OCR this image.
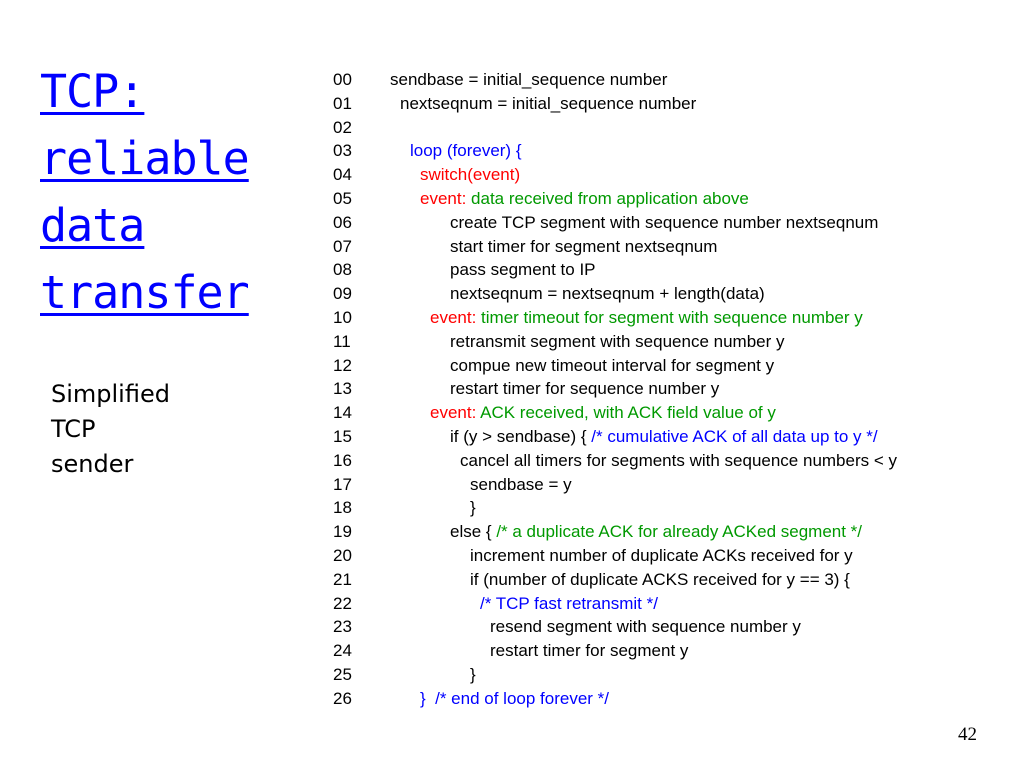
TCP:
reliable
data
transfer
Simplified
TCP
sender
00 sendbase = initial_sequence number
01	nextseqnum = initial_sequence number
02
03	loop (forever) {
04	switch(event)
05	event: data received from application above
06	create TCP segment with sequence number nextseqnum
07	start timer for segment nextseqnum
08	pass segment to IP
09	nextseqnum = nextseqnum + length(data)
10	event: timer timeout for segment with sequence number y
11	retransmit segment with sequence number y
12	compue new timeout interval for segment y
13	restart timer for sequence number y
14	event: ACK received, with ACK field value of y
15	if (y > sendbase) { /* cumulative ACK of all data up to y */
16	cancel all timers for segments with sequence numbers < y
17	sendbase = y
18	}
19	else { /* a duplicate ACK for already ACKed segment */
20	increment number of duplicate ACKs received for y
21	if (number of duplicate ACKS received for y == 3) {
22	/* TCP fast retransmit */
23	resend segment with sequence number y
24	restart timer for segment y
25	}
26	}  /* end of loop forever */
42
